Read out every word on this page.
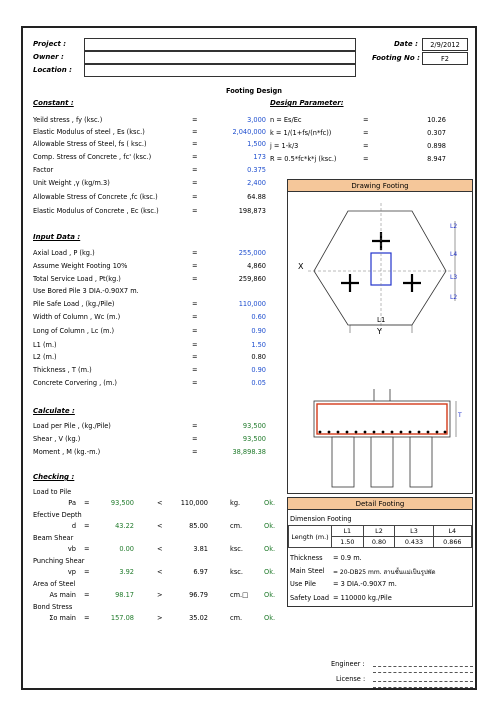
Project :
Owner :
Location :
Date :	2/9/2012
Footing No :	F2
Footing Design
Constant :
Yeild stress , fy (ksc.)	=	3,000
Elastic Modulus of steel , Es (ksc.)	=	2,040,000
Allowable Stress of Steel, fs ( ksc.)	=	1,500
Comp. Stress of Concrete , fc' (ksc.)	=	173
Factor	=	0.375
Unit Weight ,γ (kg/m.3)	=	2,400
Allowable Stress of Concrete ,fc (ksc.)	=	64.88
Elastic Modulus of Concrete , Ec (ksc.)	=	198,873
Design Parameter:
n = Es/Ec	=	10.26
k = 1/(1+fs/(n*fc))	=	0.307
j = 1-k/3	=	0.898
R = 0.5*fc*k*j (ksc.)	=	8.947
Input Data :
Axial Load , P (kg.)	=	255,000
Assume Weight Footing 10%	=	4,860
Total Service Load , Pt(kg.)	=	259,860
Use Bored Pile 3 DIA.-0.90X7 m.
Pile Safe Load , (kg./Pile)	=	110,000
Width of Column , Wc (m.)	=	0.60
Long of Column , Lc (m.)	=	0.90
L1 (m.)	=	1.50
L2 (m.)	=	0.80
Thickness , T (m.)	=	0.90
Concrete Corvering , (m.)	=	0.05
Calculate :
Load per Pile , (kg./Pile)	=	93,500
Shear , V (kg.)	=	93,500
Moment , M (kg.-m.)	=	38,898.38
Checking :
Load to Pile
Pa =	93,500	<	110,000	kg.	Ok.
Efective Depth
d =	43.22	<	85.00	cm.	Ok.
Beam Shear
vb =	0.00	<	3.81	ksc.	Ok.
Punching Shear
vp =	3.92	<	6.97	ksc.	Ok.
Area of Steel
As main =	98.17	>	96.79	cm.□ Ok.
Bond Stress
Σo main =	157.08	>	35.02	cm.	Ok.
Drawing Footing
X
Y
L1
L2
L4
L3
L2
T
Detail Footing
Dimension Footing
Length (m.)	L1	L2	L3	L4
	1.50	0.80	0.433	0.866
Thickness = 0.9 m.
Main Steel = 20-DB25 mm. สานชั้นแม่เป็นรูปพัด
Use Pile	= 3 DIA.-0.90X7 m.
Safety Load = 110000 kg./Pile
Engineer :
License :
